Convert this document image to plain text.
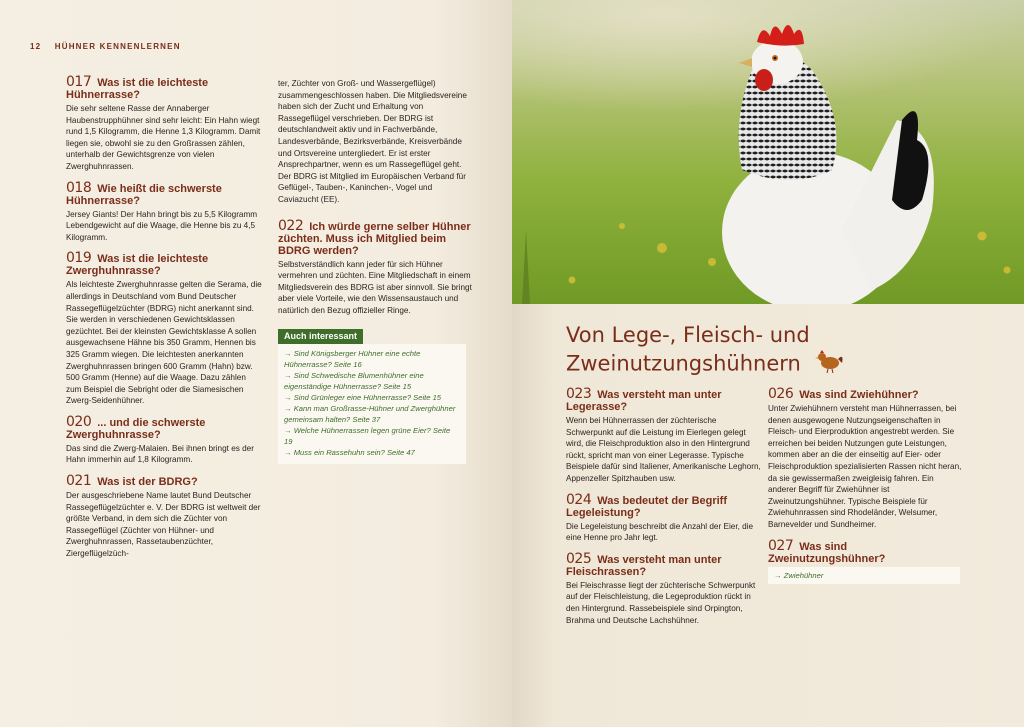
12 HÜHNER KENNENLERNEN
017 Was ist die leichteste Hühnerrasse?
Die sehr seltene Rasse der Annaberger Haubenstrupphühner sind sehr leicht: Ein Hahn wiegt rund 1,5 Kilogramm, die Henne 1,3 Kilogramm. Damit liegen sie, obwohl sie zu den Großrassen zählen, unterhalb der Gewichtsgrenze von vielen Zwerghuhnrassen.
018 Wie heißt die schwerste Hühnerrasse?
Jersey Giants! Der Hahn bringt bis zu 5,5 Kilogramm Lebendgewicht auf die Waage, die Henne bis zu 4,5 Kilogramm.
019 Was ist die leichteste Zwerghuhnrasse?
Als leichteste Zwerghuhnrasse gelten die Serama, die allerdings in Deutschland vom Bund Deutscher Rassegeflügelzüchter (BDRG) nicht anerkannt sind. Sie werden in verschiedenen Gewichtsklassen gezüchtet. Bei der kleinsten Gewichtsklasse A sollen ausgewachsene Hähne bis 350 Gramm, Hennen bis 325 Gramm wiegen. Die leichtesten anerkannten Zwerghuhnrassen bringen 600 Gramm (Hahn) bzw. 500 Gramm (Henne) auf die Waage. Dazu zählen zum Beispiel die Sebright oder die Siamesischen Zwerg-Seidenhühner.
020 ... und die schwerste Zwerghuhnrasse?
Das sind die Zwerg-Malaien. Bei ihnen bringt es der Hahn immerhin auf 1,8 Kilogramm.
021 Was ist der BDRG?
Der ausgeschriebene Name lautet Bund Deutscher Rassegeflügelzüchter e. V. Der BDRG ist weltweit der größte Verband, in dem sich die Züchter von Rassegeflügel (Züchter von Hühner- und Zwerghuhnrassen, Rassetaubenzüchter, Ziergeflügelzüch-
ter, Züchter von Groß- und Wassergeflügel) zusammengeschlossen haben. Die Mitgliedsvereine haben sich der Zucht und Erhaltung von Rassegeflügel verschrieben. Der BDRG ist deutschlandweit aktiv und in Fachverbände, Landesverbände, Bezirksverbände, Kreisverbände und Ortsvereine untergliedert. Er ist erster Ansprechpartner, wenn es um Rassegeflügel geht. Der BDRG ist Mitglied im Europäischen Verband für Geflügel-, Tauben-, Kaninchen-, Vogel und Caviazucht (EE).
022 Ich würde gerne selber Hühner züchten. Muss ich Mitglied beim BDRG werden?
Selbstverständlich kann jeder für sich Hühner vermehren und züchten. Eine Mitgliedschaft in einem Mitgliedsverein des BDRG ist aber sinnvoll. Sie bringt aber viele Vorteile, wie den Wissensaustauch und natürlich den Bezug offizieller Ringe.
Auch interessant
→ Sind Königsberger Hühner eine echte Hühnerrasse? Seite 16
→ Sind Schwedische Blumenhühner eine eigenständige Hühnerrasse? Seite 15
→ Sind Grünleger eine Hühnerrasse? Seite 15
→ Kann man Großrasse-Hühner und Zwerghühner gemeinsam halten? Seite 37
→ Welche Hühnerrassen legen grüne Eier? Seite 19
→ Muss ein Rassehuhn sein? Seite 47
Von Lege-, Fleisch- und
Zweinutzungshühnern
023 Was versteht man unter Legerasse?
Wenn bei Hühnerrassen der züchterische Schwerpunkt auf die Leistung im Eierlegen gelegt wird, die Fleischproduktion also in den Hintergrund rückt, spricht man von einer Legerasse. Typische Beispiele dafür sind Italiener, Amerikanische Leghorn, Appenzeller Spitzhauben usw.
024 Was bedeutet der Begriff Legeleistung?
Die Legeleistung beschreibt die Anzahl der Eier, die eine Henne pro Jahr legt.
025 Was versteht man unter Fleischrassen?
Bei Fleischrasse liegt der züchterische Schwerpunkt auf der Fleischleistung, die Legeproduktion rückt in den Hintergrund. Rassebeispiele sind Orpington, Brahma und Deutsche Lachshühner.
026 Was sind Zwiehühner?
Unter Zwiehühnern versteht man Hühnerrassen, bei denen ausgewogene Nutzungseigenschaften in Fleisch- und Eierproduktion angestrebt werden. Sie erreichen bei beiden Nutzungen gute Leistungen, kommen aber an die der einseitig auf Eier- oder Fleischproduktion spezialisierten Rassen nicht heran, da sie gewissermaßen zweigleisig fahren. Ein anderer Begriff für Zwiehühner ist Zweinutzungshühner. Typische Beispiele für Zwiehuhnrassen sind Rhodeländer, Welsumer, Barnevelder und Sundheimer.
027 Was sind Zweinutzungshühner?
→ Zwiehühner
